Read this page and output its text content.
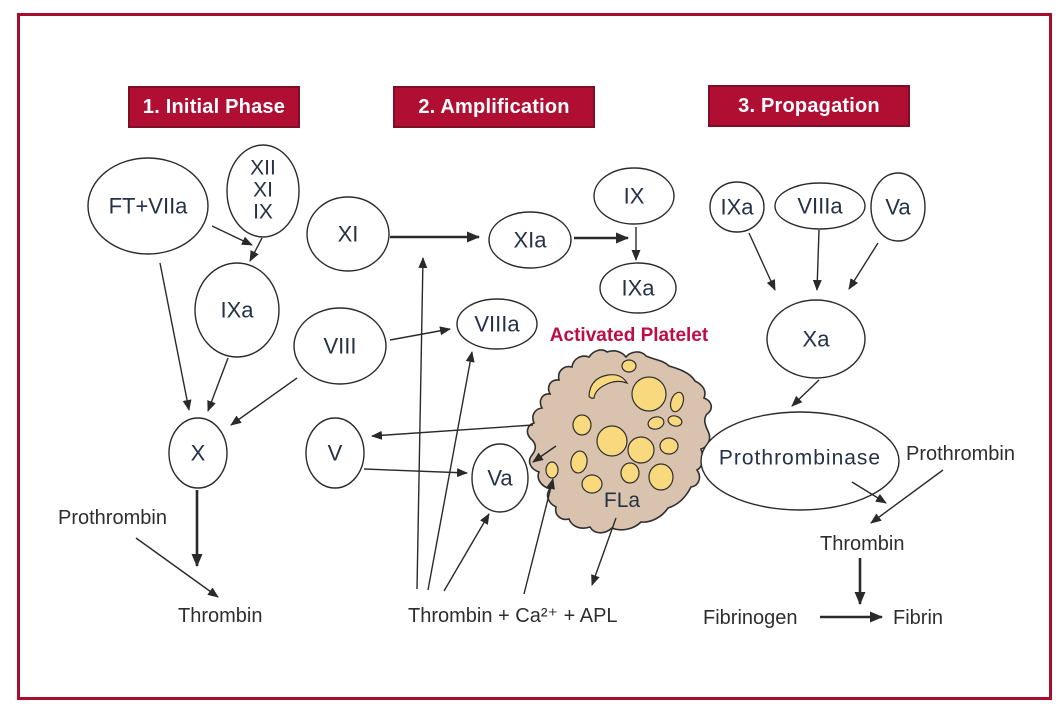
1. Initial Phase	2. Amplification	3. Propagation
FT+VIIa
XII
XI
IX
IXa
X
XI	XIa
IX
IXa
VIII
VIIIa
V
Va
IXa VIIIa Va
Xa
Prothrombinase
Activated Platelet
FLa
Prothrombin
Thrombin	Thrombin + Ca²⁺ + APL
Prothrombin
Thrombin
Fibrinogen	Fibrin
